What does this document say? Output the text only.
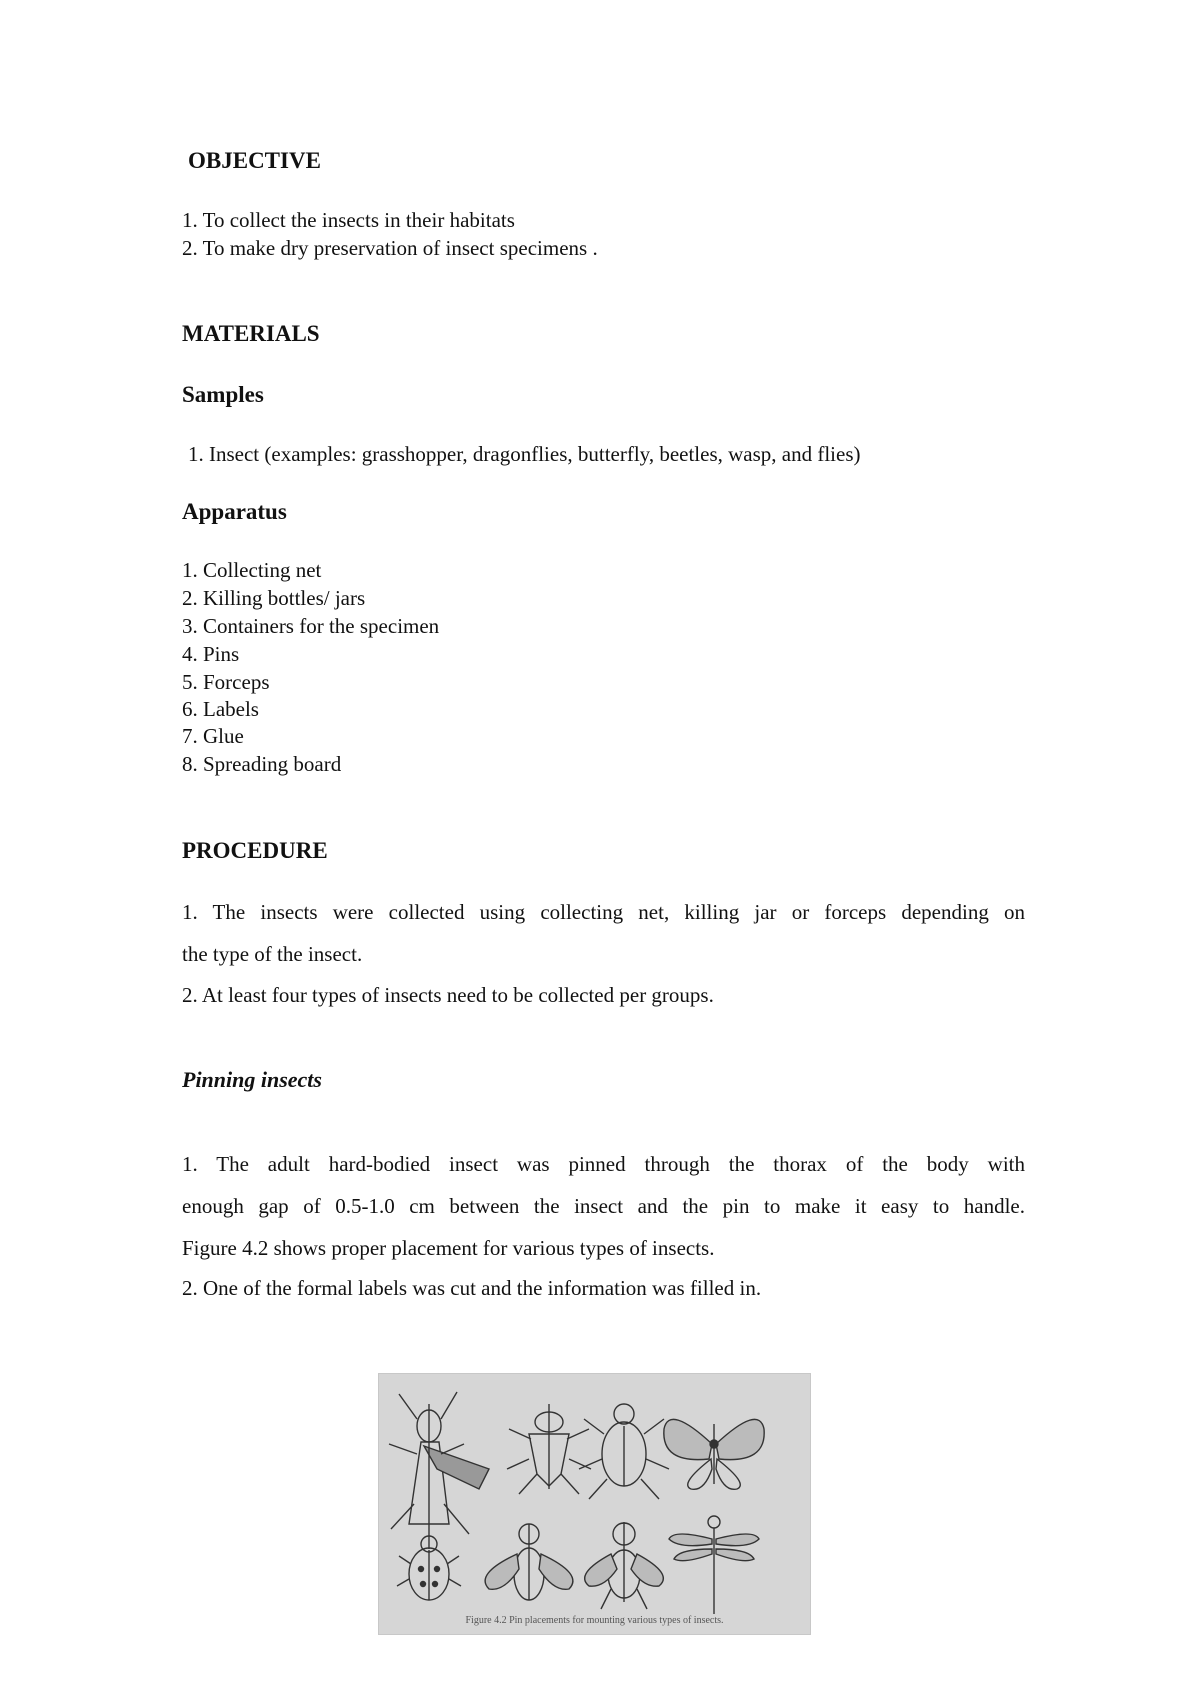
OBJECTIVE

1. To collect the insects in their habitats

2. To make dry preservation of insect specimens .

MATERIALS
Samples

1. Insect (examples: grasshopper, dragonflies, butterfly, beetles, wasp, and flies)

Apparatus

1. Collecting net

2. Killing bottles/ jars

3. Containers for the specimen

4. Pins

5. Forceps

6. Labels

7. Glue

8. Spreading board

PROCEDURE
1. The insects were collected using collecting net, killing jar or forceps depending on
the type of the insect.

2. At least four types of insects need to be collected per groups.

Pinning insects
1. The adult hard-bodied insect was pinned through the thorax of the body with
enough gap of 0.5-1.0 cm between the insect and the pin to make it easy to handle.
Figure 4.2 shows proper placement for various types of insects.

2. One of the formal labels was cut and the information was filled in.

Figure 4.2 Pin placements for mounting various types of insects.
